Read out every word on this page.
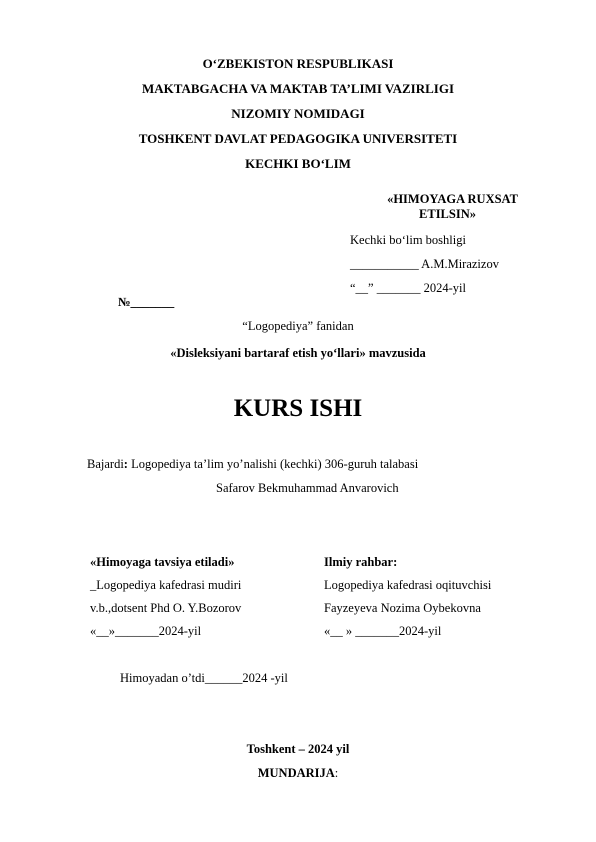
O‘ZBEKISTON RESPUBLIKASI
MAKTABGACHA VA MAKTAB TA’LIMI VAZIRLIGI
NIZOMIY NOMIDAGI
TOSHKENT DAVLAT PEDAGOGIKA UNIVERSITETI
KECHKI BO‘LIM
«HIMOYAGA RUXSAT
ETILSIN»
Kechki bo‘lim boshligi
___________ A.M.Mirazizov
“__” _______ 2024-yil
№_______
“Logopediya” fanidan
«Disleksiyani bartaraf etish yo‘llari» mavzusida
KURS ISHI
Bajardi: Logopediya ta’lim yo’nalishi (kechki) 306-guruh talabasi
Safarov Bekmuhammad Anvarovich
«Himoyaga tavsiya etiladi»
_Logopediya kafedrasi mudiri
v.b.,dotsent Phd O. Y.Bozorov
«__»_______2024-yil
Ilmiy rahbar:
Logopediya kafedrasi oqituvchisi
Fayzeyeva Nozima Oybekovna
«__ » _______2024-yil
Himoyadan o’tdi______2024 -yil
Toshkent – 2024 yil
MUNDARIJA:
